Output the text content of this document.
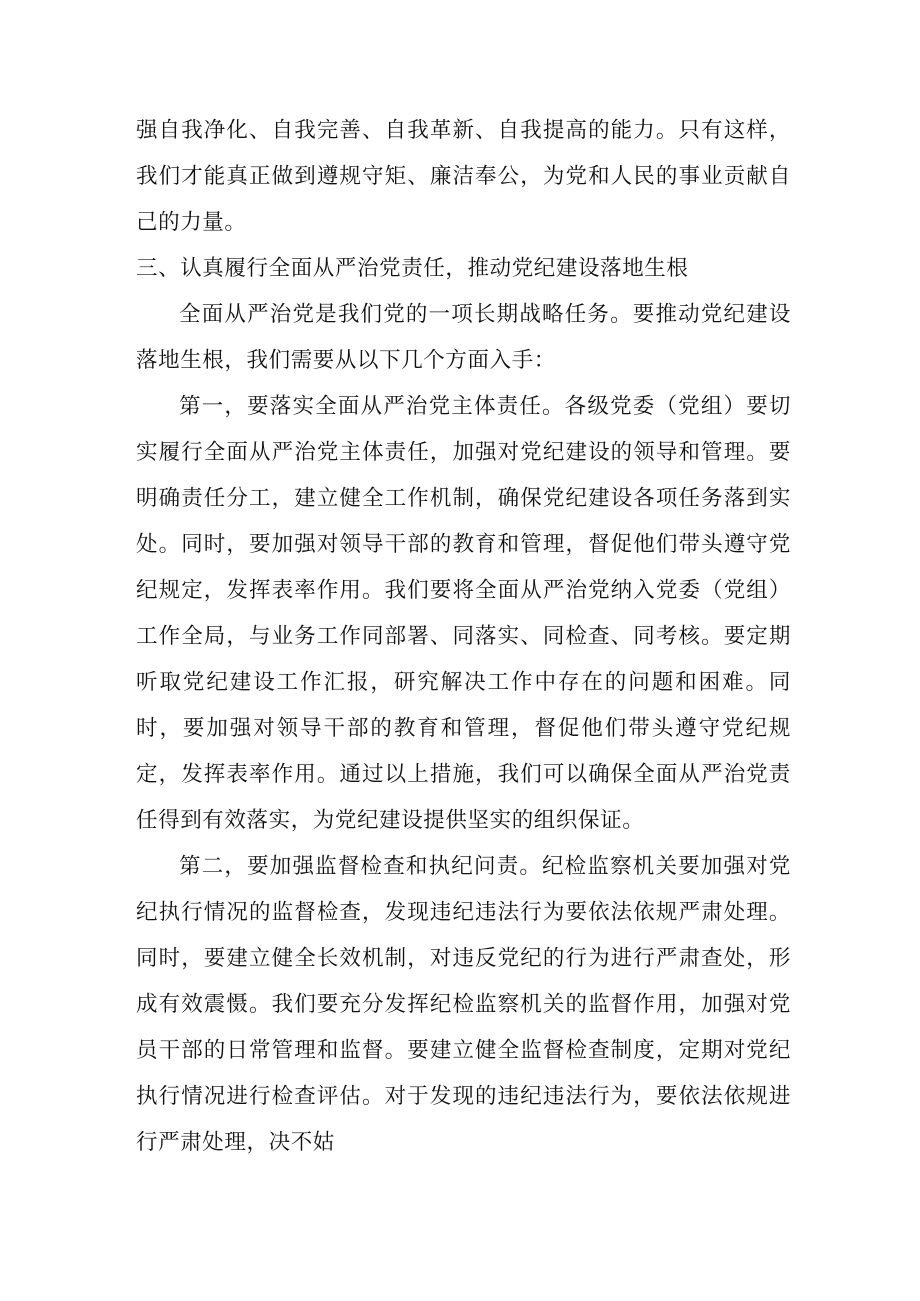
强自我净化、自我完善、自我革新、自我提高的能力。只有这样，我们才能真正做到遵规守矩、廉洁奉公，为党和人民的事业贡献自己的力量。

三、认真履行全面从严治党责任，推动党纪建设落地生根

全面从严治党是我们党的一项长期战略任务。要推动党纪建设落地生根，我们需要从以下几个方面入手：

第一，要落实全面从严治党主体责任。各级党委（党组）要切实履行全面从严治党主体责任，加强对党纪建设的领导和管理。要明确责任分工，建立健全工作机制，确保党纪建设各项任务落到实处。同时，要加强对领导干部的教育和管理，督促他们带头遵守党纪规定，发挥表率作用。我们要将全面从严治党纳入党委（党组）工作全局，与业务工作同部署、同落实、同检查、同考核。要定期听取党纪建设工作汇报，研究解决工作中存在的问题和困难。同时，要加强对领导干部的教育和管理，督促他们带头遵守党纪规定，发挥表率作用。通过以上措施，我们可以确保全面从严治党责任得到有效落实，为党纪建设提供坚实的组织保证。

第二，要加强监督检查和执纪问责。纪检监察机关要加强对党纪执行情况的监督检查，发现违纪违法行为要依法依规严肃处理。同时，要建立健全长效机制，对违反党纪的行为进行严肃查处，形成有效震慑。我们要充分发挥纪检监察机关的监督作用，加强对党员干部的日常管理和监督。要建立健全监督检查制度，定期对党纪执行情况进行检查评估。对于发现的违纪违法行为，要依法依规进行严肃处理，决不姑
